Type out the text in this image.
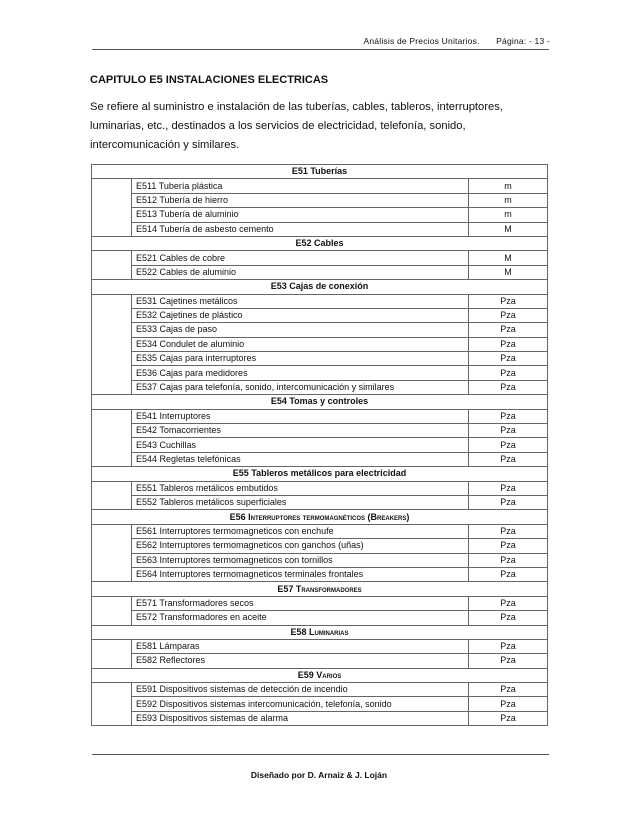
Análisis de Precios Unitarios. Página: - 13 -
CAPITULO E5 INSTALACIONES ELECTRICAS
Se refiere al suministro e instalación de las tuberías, cables, tableros, interruptores,
luminarias, etc., destinados a los servicios de electricidad, telefonía, sonido,
intercomunicación y similares.
E51 Tuberías		
	E511 Tubería plástica	m
	E512 Tubería de hierro	m
	E513 Tubería de aluminio	m
	E514 Tubería de asbesto cemento	M
E52 Cables		
	E521 Cables de cobre	M
	E522 Cables de aluminio	M
E53 Cajas de conexión		
	E531 Cajetines metálicos	Pza
	E532 Cajetines de plástico	Pza
	E533 Cajas de paso	Pza
	E534 Condulet de aluminio	Pza
	E535 Cajas para interruptores	Pza
	E536 Cajas para medidores	Pza
	E537 Cajas para telefonía, sonido, intercomunicación y similares	Pza
E54 Tomas y controles		
	E541 Interruptores	Pza
	E542 Tomacorrientes	Pza
	E543 Cuchillas	Pza
	E544 Regletas telefónicas	Pza
E55 Tableros metálicos para electricidad		
	E551 Tableros metálicos embutidos	Pza
	E552 Tableros metálicos superficiales	Pza
E56 Interruptores termomagnéticos (Breakers)		
	E561 Interruptores termomagneticos con enchufe	Pza
	E562 Interruptores termomagneticos con ganchos (uñas)	Pza
	E563 Interruptores termomagneticos con tornillos	Pza
	E564 Interruptores termomagneticos terminales frontales	Pza
E57 Transformadores		
	E571 Transformadores secos	Pza
	E572 Transformadores en aceite	Pza
E58 Luminarias		
	E581 Lámparas	Pza
	E582 Reflectores	Pza
E59 Varios		
	E591 Dispositivos sistemas de detección de incendio	Pza
	E592 Dispositivos sistemas intercomunicación, telefonía, sonido	Pza
	E593 Dispositivos sistemas de alarma	Pza
Diseñado por D. Arnaiz & J. Loján
